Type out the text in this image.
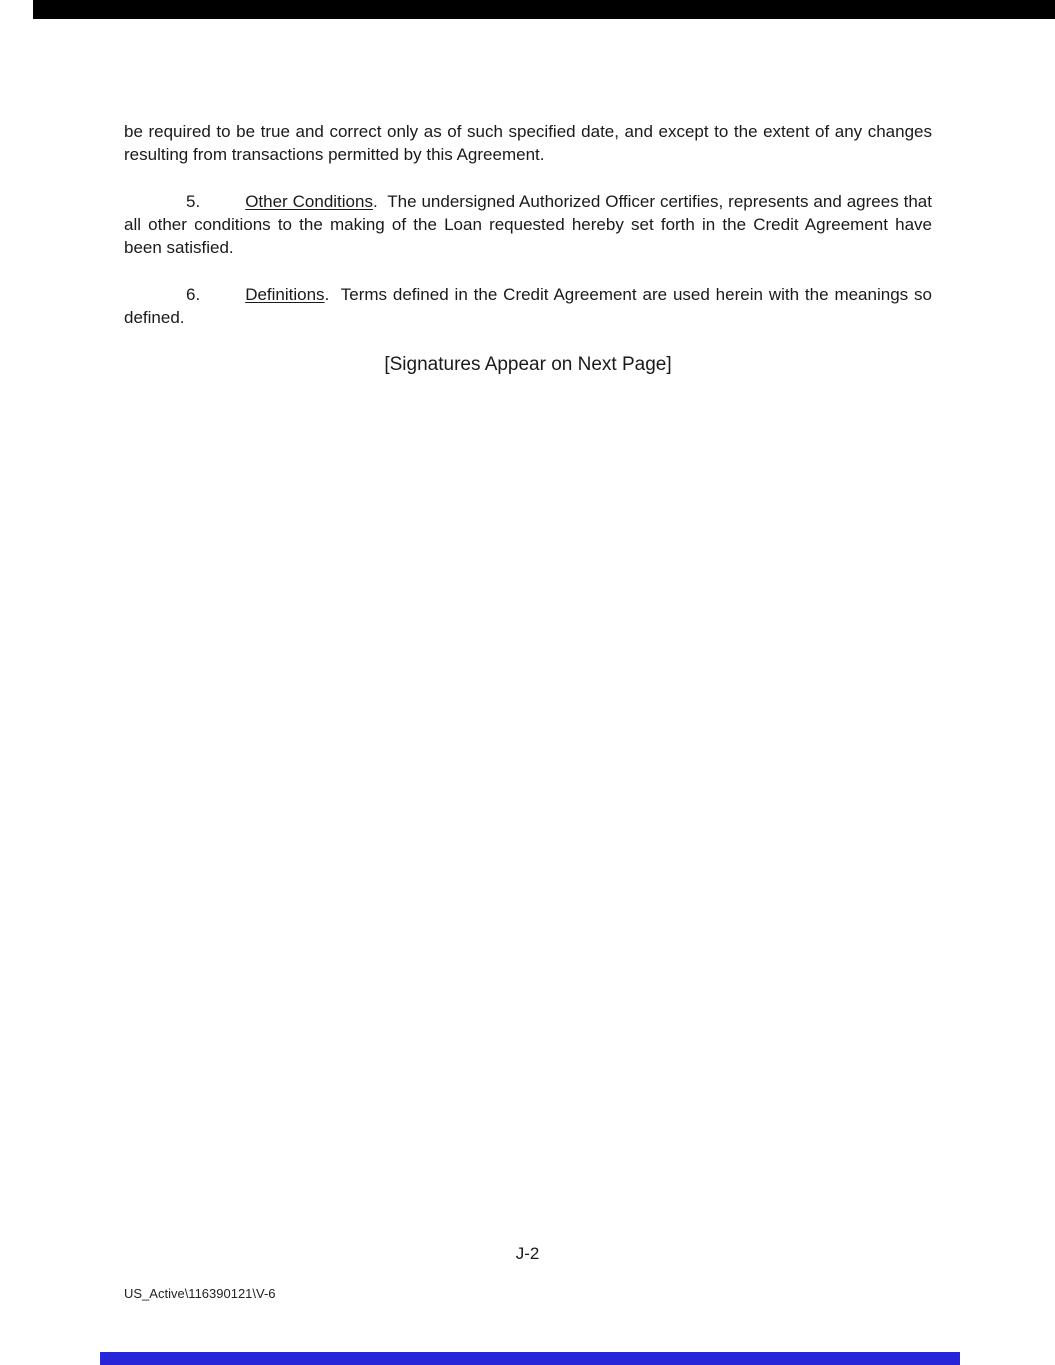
be required to be true and correct only as of such specified date, and except to the extent of any changes resulting from transactions permitted by this Agreement.

5.	Other Conditions.  The undersigned Authorized Officer certifies, represents and agrees that all other conditions to the making of the Loan requested hereby set forth in the Credit Agreement have been satisfied.

6.	Definitions.  Terms defined in the Credit Agreement are used herein with the meanings so defined.

[Signatures Appear on Next Page]

J-2
US_Active\116390121\V-6
